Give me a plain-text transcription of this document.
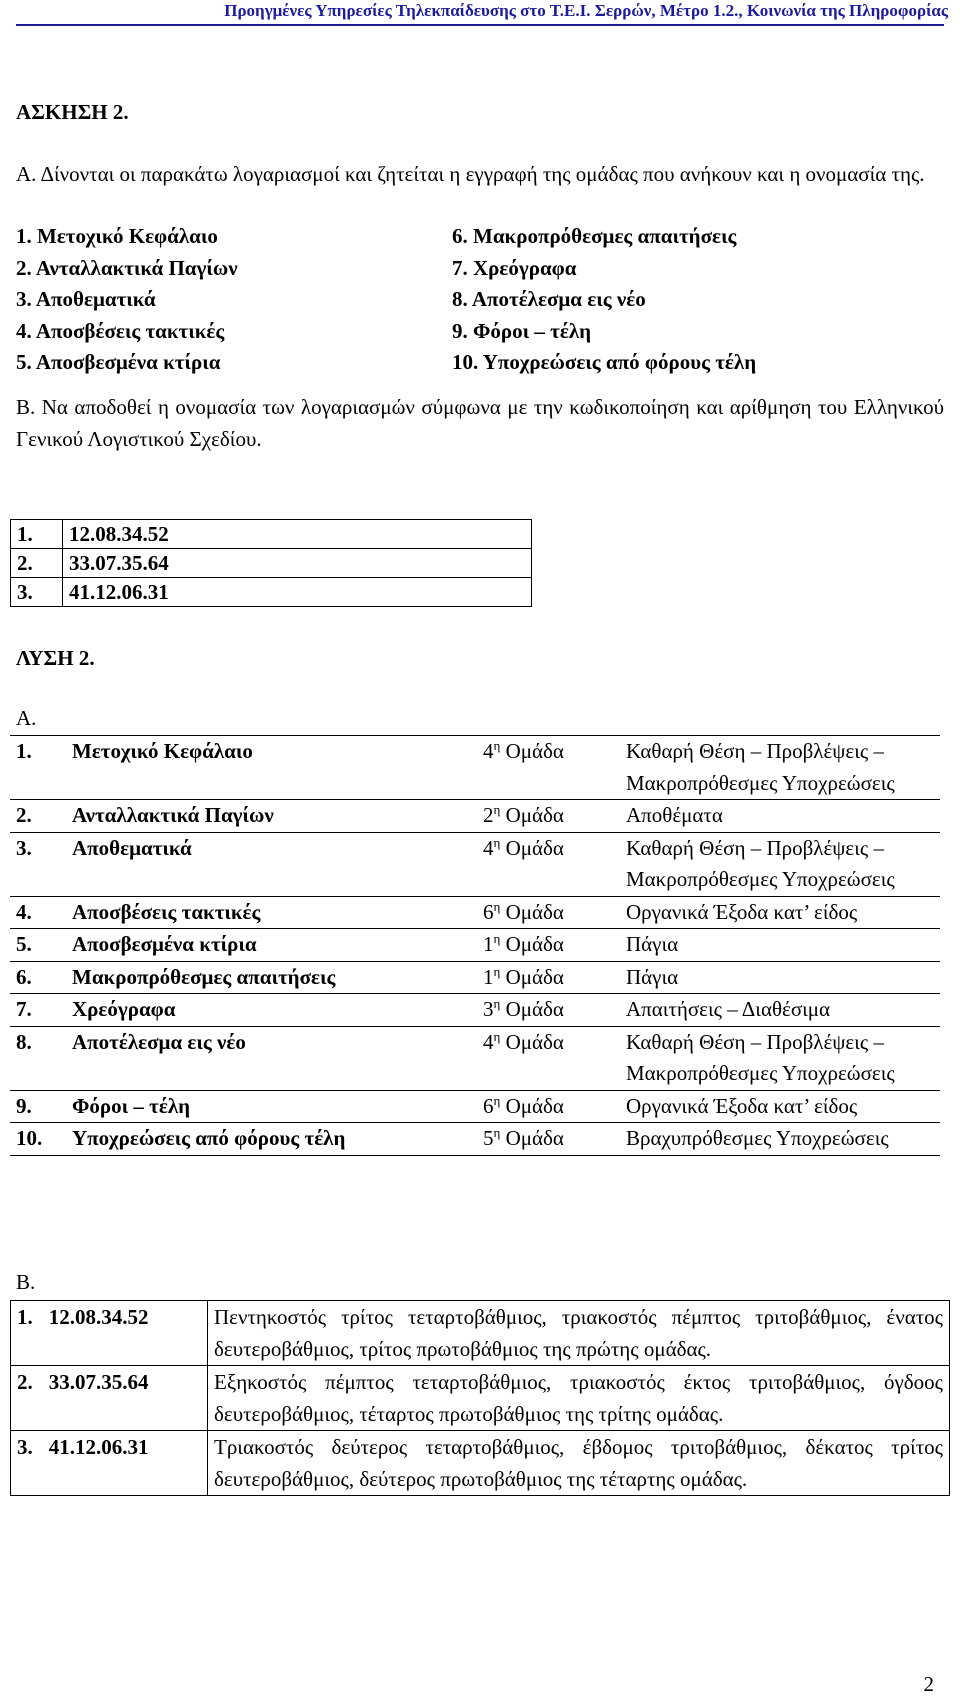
Προηγμένες Υπηρεσίες Τηλεκπαίδευσης στο Τ.Ε.Ι. Σερρών, Μέτρο 1.2., Κοινωνία της Πληροφορίας
ΑΣΚΗΣΗ 2.
Α. Δίνονται οι παρακάτω λογαριασμοί και ζητείται η εγγραφή της ομάδας που ανήκουν και η ονομασία της.
1. Μετοχικό Κεφάλαιο	6. Μακροπρόθεσμες απαιτήσεις
2. Ανταλλακτικά Παγίων	7. Χρεόγραφα
3. Αποθεματικά	8. Αποτέλεσμα εις νέο
4. Αποσβέσεις τακτικές	9. Φόροι – τέλη
5. Αποσβεσμένα κτίρια	10. Υποχρεώσεις από φόρους τέλη
Β. Να αποδοθεί η ονομασία των λογαριασμών σύμφωνα με την κωδικοποίηση και αρίθμηση του Ελληνικού Γενικού Λογιστικού Σχεδίου.
1.	12.08.34.52
2.	33.07.35.64
3.	41.12.06.31
ΛΥΣΗ 2.
Α.
1.	Μετοχικό Κεφάλαιο	$4^\eta$ Ομάδα	Καθαρή Θέση – Προβλέψεις – Μακροπρόθεσμες Υποχρεώσεις
2.	Ανταλλακτικά Παγίων	$2^\eta$ Ομάδα	Αποθέματα
3.	Αποθεματικά	$4^\eta$ Ομάδα	Καθαρή Θέση – Προβλέψεις – Μακροπρόθεσμες Υποχρεώσεις
4.	Αποσβέσεις τακτικές	$6^\eta$ Ομάδα	Οργανικά Έξοδα κατ’ είδος
5.	Αποσβεσμένα κτίρια	$1^\eta$ Ομάδα	Πάγια
6.	Μακροπρόθεσμες απαιτήσεις	$1^\eta$ Ομάδα	Πάγια
7.	Χρεόγραφα	$3^\eta$ Ομάδα	Απαιτήσεις – Διαθέσιμα
8.	Αποτέλεσμα εις νέο	$4^\eta$ Ομάδα	Καθαρή Θέση – Προβλέψεις – Μακροπρόθεσμες Υποχρεώσεις
9.	Φόροι – τέλη	$6^\eta$ Ομάδα	Οργανικά Έξοδα κατ’ είδος
10.	Υποχρεώσεις από φόρους τέλη	$5^\eta$ Ομάδα	Βραχυπρόθεσμες Υποχρεώσεις
Β.
1. 12.08.34.52	Πεντηκοστός τρίτος τεταρτοβάθμιος, τριακοστός πέμπτος τριτοβάθμιος, ένατος δευτεροβάθμιος, τρίτος πρωτοβάθμιος της πρώτης ομάδας.
2. 33.07.35.64	Εξηκοστός πέμπτος τεταρτοβάθμιος, τριακοστός έκτος τριτοβάθμιος, όγδοος δευτεροβάθμιος, τέταρτος πρωτοβάθμιος της τρίτης ομάδας.
3. 41.12.06.31	Τριακοστός δεύτερος τεταρτοβάθμιος, έβδομος τριτοβάθμιος, δέκατος τρίτος δευτεροβάθμιος, δεύτερος πρωτοβάθμιος της τέταρτης ομάδας.
2
